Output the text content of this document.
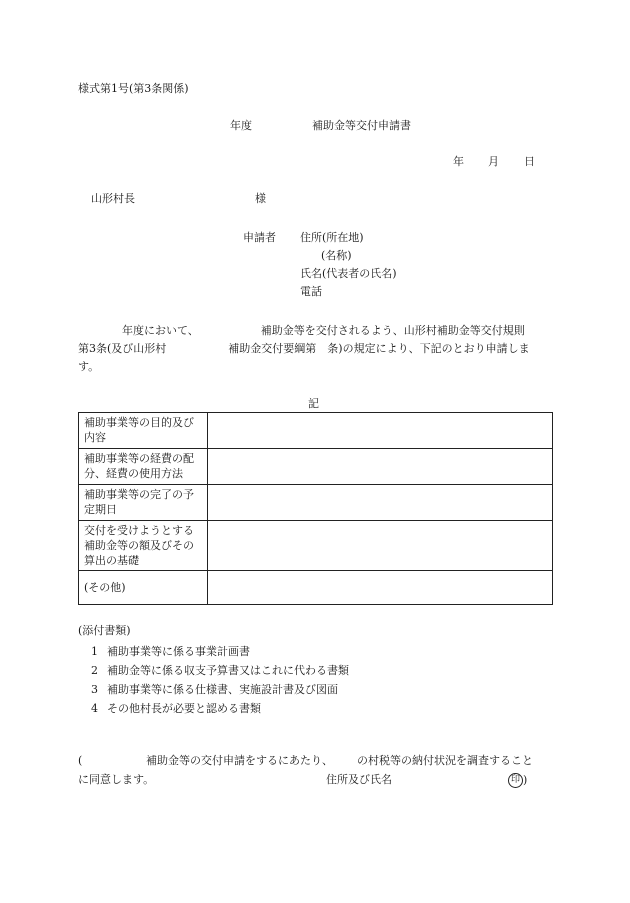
様式第1号(第3条関係)
年度	補助金等交付申請書
年 月 日
山形村長	様
申請者 住所(所在地)
(名称)
氏名(代表者の氏名)
電話
年度において、	補助金等を交付されるよう、山形村補助金等交付規則
第3条(及び山形村	補助金交付要綱第　条)の規定により、下記のとおり申請しま
す。
記
補助事業等の目的及び内容	
補助事業等の経費の配分、経費の使用方法	
補助事業等の完了の予定期日	
交付を受けようとする補助金等の額及びその算出の基礎	
(その他)	
(添付書類)
1 補助事業等に係る事業計画書
2 補助金等に係る収支予算書又はこれに代わる書類
3 補助事業等に係る仕様書、実施設計書及び図面
4 その他村長が必要と認める書類
(	補助金等の交付申請をするにあたり、 の村税等の納付状況を調査すること
に同意します。	住所及び氏名	印 )
